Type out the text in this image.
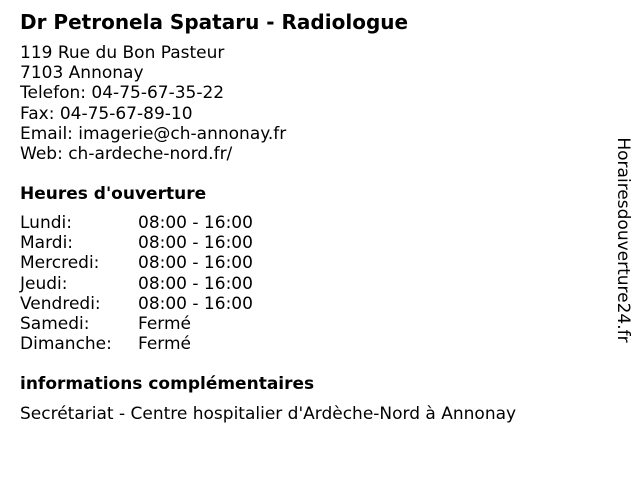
Dr Petronela Spataru - Radiologue
119 Rue du Bon Pasteur
7103 Annonay
Telefon: 04-75-67-35-22
Fax: 04-75-67-89-10
Email: imagerie@ch-annonay.fr
Web: ch-ardeche-nord.fr/
Heures d'ouverture
Lundi:	08:00 - 16:00
Mardi:	08:00 - 16:00
Mercredi: 08:00 - 16:00
Jeudi:	08:00 - 16:00
Vendredi: 08:00 - 16:00
Samedi:	Fermé
Dimanche: Fermé
informations complémentaires
Secrétariat - Centre hospitalier d'Ardèche-Nord à Annonay
Horairesdouverture24.fr
